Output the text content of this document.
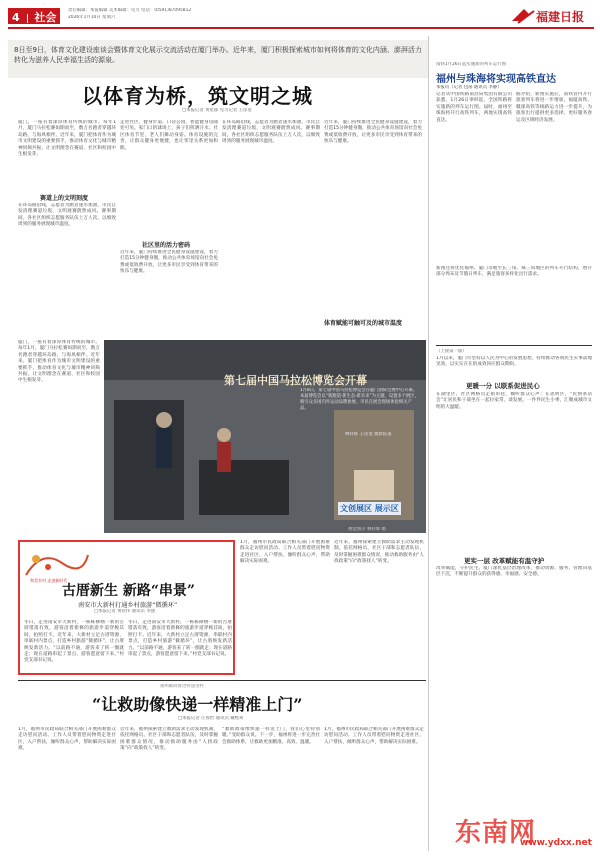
4 社会
责任编辑：本报编辑 美术编辑：见习 电话：(0591)87095812
2026年1月10日 星期六	福建日报
8日至9日，体育文化建设座谈会暨体育文化展示交流活动在厦门举办。近年来，厦门积极探索城市如何将体育的文化内涵、澎湃活力转化为滋养人民幸福生活的源泉。
以体育为桥，筑文明之城
□本报记者 黄星郁 见习记者 王彦宽
厦门，一座有着深厚体育传统的城市。每年1月，厦门马拉松赛如期而至，数万名跑者穿越环岛路，与海风相伴。近年来，厦门把体育作为城市文明建设的重要抓手，推动体育文化与城市精神同频共振，让文明理念在赛道、社区和校园中生根发芽。
赛道上的文明刻度
在环岛路沿线，志愿者为跑者递水加油，市民自发清理赛道垃圾，文明观赛蔚然成风。赛事期间，各社区组织志愿服务队伍上万人次，以细致周到的服务展现城市温度。
走进社区，健身步道、口袋公园、智能健身房随处可见。家门口的球场上，孩子们挥洒汗水；社区体育节里，老人们舞动身姿。体育设施的完善，让群众健身更便捷，也让邻里关系更加和睦。
社区里的活力密码
近年来，厦门持续推进全民健身设施建设，着力打造15分钟健身圈，推动公共体育场馆向社会免费或低收费开放，让更多市民享受到体育带来的快乐与健康。
在环岛路沿线，志愿者为跑者递水加油，市民自发清理赛道垃圾，文明观赛蔚然成风。赛事期间，各社区组织志愿服务队伍上万人次，以细致周到的服务展现城市温度。
近年来，厦门持续推进全民健身设施建设，着力打造15分钟健身圈，推动公共体育场馆向社会免费或低收费开放，让更多市民享受到体育带来的快乐与健康。
体育赋能可触可及的城市温度
厦门，一座有着深厚体育传统的城市。每年1月，厦门马拉松赛如期而至，数万名跑者穿越环岛路，与海风相伴。近年来，厦门把体育作为城市文明建设的重要抓手，推动体育文化与城市精神同频共振，让文明理念在赛道、社区和校园中生根发芽。	第七届中国马拉松博览会开幕
1月8日，第七届中国马拉松博览会在厦门国际会展中心开幕。本届博览会以“新跑道·新生态·新未来”为主题，设置多个展区，吸引众多国内外运动品牌参展。市民在展会现场体验相关产品。
林祥辉 王彦宽 摄影报道
文创展区 展示区
视觉图示 林祥辉 摄
和美乡村 走进新时代
古厝新生 新路“串景”
南安市大新村打通乡村旅游“微循环”
□本报记者 黄钦伟 通讯员 李强
冬日，走进南安市大新村，一栋栋修缮一新的古厝错落有致，游客沿着新修的旅游步道穿梭其间，拍照打卡。近年来，大新村立足古厝资源，串联村内景点，打造乡村旅游“微循环”，让古厝焕发新活力。“以前路不通，游客来了转一圈就走；现在道路串起了景点，游客愿意留下来。”村党支部书记说。
冬日，走进南安市大新村，一栋栋修缮一新的古厝错落有致，游客沿着新修的旅游步道穿梭其间，拍照打卡。近年来，大新村立足古厝资源，串联村内景点，打造乡村旅游“微循环”，让古厝焕发新活力。“以前路不通，游客来了转一圈就走；现在道路串起了景点，游客愿意留下来。”村党支部书记说。
1月，福州市民政局联合相关部门开展困难群众走访慰问活动。工作人员带着慰问物资走进社区、入户帮扶，倾听群众心声，帮助解决实际困难。
近年来，福州探索建立救助需求主动发现机制，依托网格员、社区干部和志愿者队伍，及时掌握困难群众情况，推动救助服务由“人找政策”向“政策找人”转变。
福州邮政推进快递进村
“让救助像快递一样精准上门”
□本报记者 庄蓉怡 通讯员 戴熙爽
1月，福州市民政局联合相关部门开展困难群众走访慰问活动。工作人员带着慰问物资走进社区、入户帮扶，倾听群众心声，帮助解决实际困难。
近年来，福州探索建立救助需求主动发现机制，依托网格员、社区干部和志愿者队伍，及时掌握困难群众情况，推动救助服务由“人找政策”向“政策找人”转变。
“救助政策像快递一样送上门，我们心里特别暖。”受助群众说。下一步，福州将进一步完善社会救助体系，让救助更加精准、高效、温暖。
1月，福州市民政局联合相关部门开展困难群众走访慰问活动。工作人员带着慰问物资走进社区、入户帮扶，倾听群众心声，帮助解决实际困难。
南铁1月26日起实施新的列车运行图
福州与珠海将实现高铁直达
本报讯（记者 包菡 通讯员 李静）
记者从中国铁路南昌局集团有限公司获悉，1月26日零时起，全国铁路将实施新的列车运行图。届时，福州至珠海将开行高铁列车，两地实现高铁直达。
据介绍，新图实施后，南铁管内开行旅客列车将进一步增加，福厦高铁、赣深高铁等线路运力进一步提升，为旅客出行提供更多选择，更好服务春运及区域经济发展。
新图还将优化福州、厦门等地至长三角、珠三角地区的列车开行结构，增开部分周末及节假日列车，满足旅客多样化出行需求。
（上接第一版）
1月以来，厦门市坚持以人民为中心的发展思想，持续推动各项民生实事落地见效，以实实在在的成效回应群众期盼。
更暖一分 以联系促进民心
在湖里区，社区网格员走街串巷，倾听群众心声；在思明区，“民情茶话会”让居民和干部坐在一起拉家常、谈发展。一件件民生小事，汇聚成城市文明的大温暖。
更实一层 改革赋能有温守护
改革赋能，守护民生。厦门深化基层治理改革，推动资源、服务、管理向基层下沉，不断提升群众的获得感、幸福感、安全感。
东南网
www.ydxx.net
